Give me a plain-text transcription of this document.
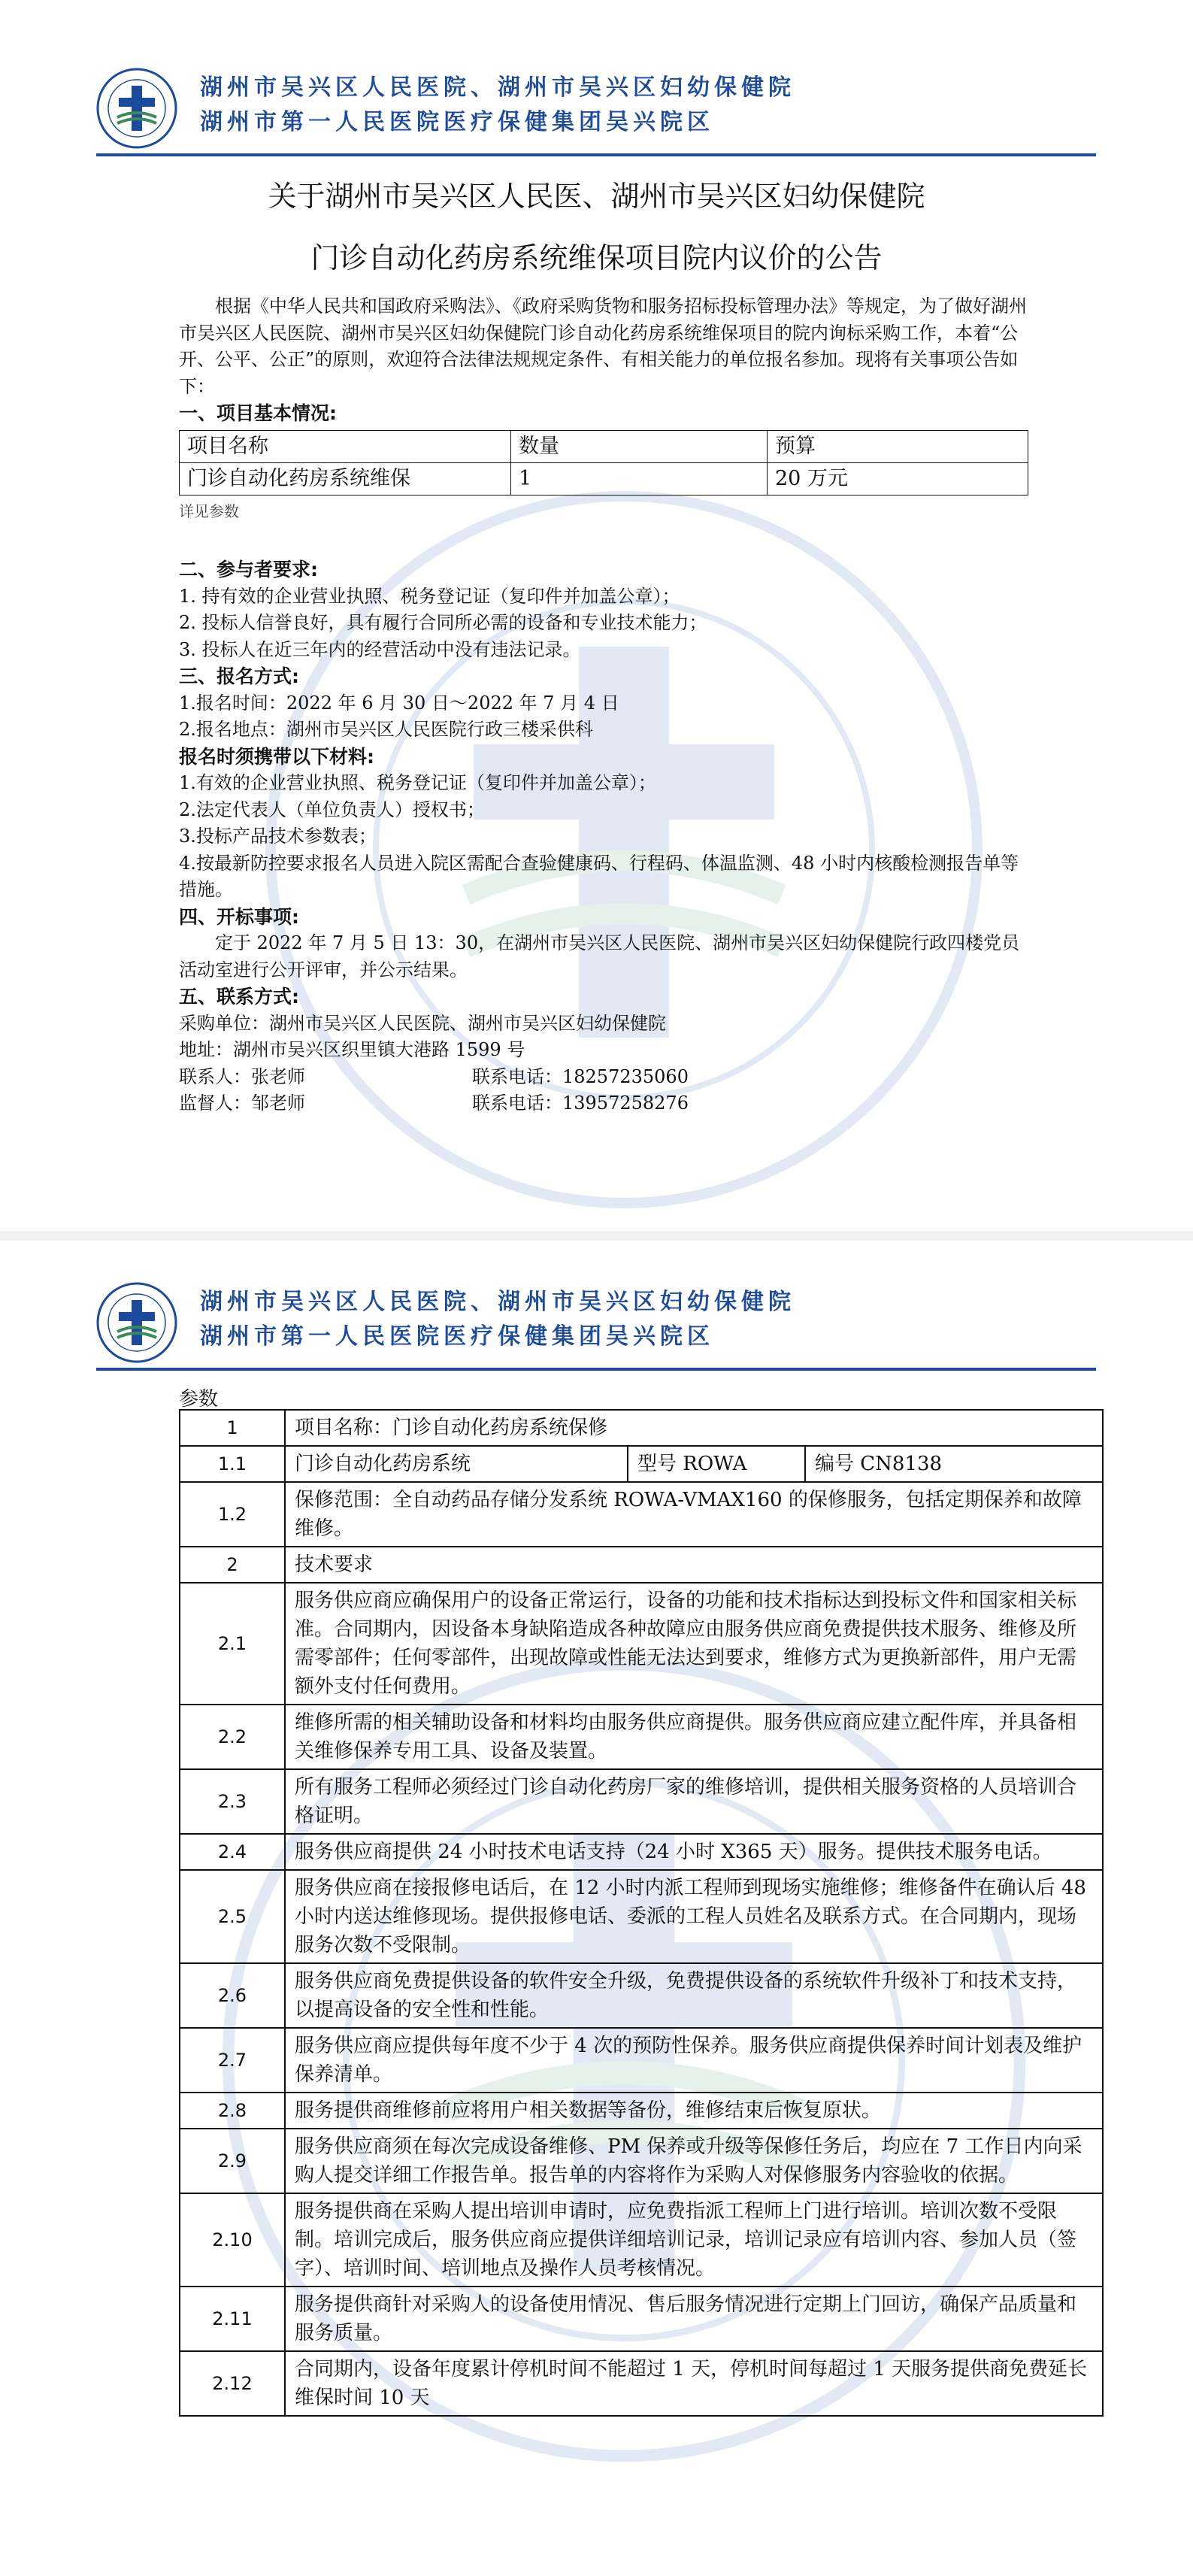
湖州市吴兴区人民医院、湖州市吴兴区妇幼保健院
湖州市第一人民医院医疗保健集团吴兴院区
关于湖州市吴兴区人民医、湖州市吴兴区妇幼保健院
门诊自动化药房系统维保项目院内议价的公告

根据《中华人民共和国政府采购法》、《政府采购货物和服务招标投标管理办法》等规定，为了做好湖州市吴兴区人民医院、湖州市吴兴区妇幼保健院门诊自动化药房系统维保项目的院内询标采购工作，本着“公开、公平、公正”的原则，欢迎符合法律法规规定条件、有相关能力的单位报名参加。现将有关事项公告如下：

一、项目基本情况:

项目名称	数量	预算
门诊自动化药房系统维保	1	20 万元

详见参数

二、参与者要求:

1. 持有效的企业营业执照、税务登记证（复印件并加盖公章）；

2. 投标人信誉良好，具有履行合同所必需的设备和专业技术能力；

3. 投标人在近三年内的经营活动中没有违法记录。

三、报名方式:

1.报名时间：2022 年 6 月 30 日～2022 年 7 月 4 日

2.报名地点：湖州市吴兴区人民医院行政三楼采供科

报名时须携带以下材料:

1.有效的企业营业执照、税务登记证（复印件并加盖公章）；

2.法定代表人（单位负责人）授权书；

3.投标产品技术参数表；

4.按最新防控要求报名人员进入院区需配合查验健康码、行程码、体温监测、48 小时内核酸检测报告单等措施。

四、开标事项:

定于 2022 年 7 月 5 日 13：30，在湖州市吴兴区人民医院、湖州市吴兴区妇幼保健院行政四楼党员活动室进行公开评审，并公示结果。

五、联系方式:

采购单位：湖州市吴兴区人民医院、湖州市吴兴区妇幼保健院

地址：湖州市吴兴区织里镇大港路 1599 号

联系人：张老师	联系电话：18257235060
监督人：邹老师	联系电话：13957258276
湖州市吴兴区人民医院、湖州市吴兴区妇幼保健院
湖州市第一人民医院医疗保健集团吴兴院区
参数
1	项目名称：门诊自动化药房系统保修		
1.1	门诊自动化药房系统	型号 ROWA	编号 CN8138
1.2	保修范围：全自动药品存储分发系统 ROWA-VMAX160 的保修服务，包括定期保养和故障维修。		
2	技术要求		
2.1	服务供应商应确保用户的设备正常运行，设备的功能和技术指标达到投标文件和国家相关标准。合同期内，因设备本身缺陷造成各种故障应由服务供应商免费提供技术服务、维修及所需零部件；任何零部件，出现故障或性能无法达到要求，维修方式为更换新部件，用户无需额外支付任何费用。		
2.2	维修所需的相关辅助设备和材料均由服务供应商提供。服务供应商应建立配件库，并具备相关维修保养专用工具、设备及装置。		
2.3	所有服务工程师必须经过门诊自动化药房厂家的维修培训，提供相关服务资格的人员培训合格证明。		
2.4	服务供应商提供 24 小时技术电话支持（24 小时 X365 天）服务。提供技术服务电话。		
2.5	服务供应商在接报修电话后，在 12 小时内派工程师到现场实施维修；维修备件在确认后 48 小时内送达维修现场。提供报修电话、委派的工程人员姓名及联系方式。在合同期内，现场服务次数不受限制。		
2.6	服务供应商免费提供设备的软件安全升级，免费提供设备的系统软件升级补丁和技术支持，以提高设备的安全性和性能。		
2.7	服务供应商应提供每年度不少于 4 次的预防性保养。服务供应商提供保养时间计划表及维护保养清单。		
2.8	服务提供商维修前应将用户相关数据等备份，维修结束后恢复原状。		
2.9	服务供应商须在每次完成设备维修、PM 保养或升级等保修任务后，均应在 7 工作日内向采购人提交详细工作报告单。报告单的内容将作为采购人对保修服务内容验收的依据。		
2.10	服务提供商在采购人提出培训申请时，应免费指派工程师上门进行培训。培训次数不受限制。培训完成后，服务供应商应提供详细培训记录，培训记录应有培训内容、参加人员（签字）、培训时间、培训地点及操作人员考核情况。		
2.11	服务提供商针对采购人的设备使用情况、售后服务情况进行定期上门回访，确保产品质量和服务质量。		
2.12	合同期内，设备年度累计停机时间不能超过 1 天，停机时间每超过 1 天服务提供商免费延长维保时间 10 天		
